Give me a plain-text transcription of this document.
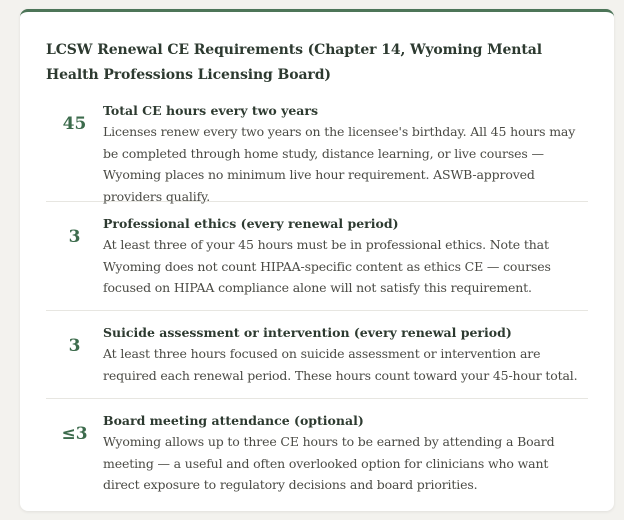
LCSW Renewal CE Requirements (Chapter 14, Wyoming Mental Health Professions Licensing Board)
45
Total CE hours every two years
Licenses renew every two years on the licensee's birthday. All 45 hours may be completed through home study, distance learning, or live courses — Wyoming places no minimum live hour requirement. ASWB-approved providers qualify.
3
Professional ethics (every renewal period)
At least three of your 45 hours must be in professional ethics. Note that Wyoming does not count HIPAA-specific content as ethics CE — courses focused on HIPAA compliance alone will not satisfy this requirement.
3
Suicide assessment or intervention (every renewal period)
At least three hours focused on suicide assessment or intervention are required each renewal period. These hours count toward your 45-hour total.
≤3
Board meeting attendance (optional)
Wyoming allows up to three CE hours to be earned by attending a Board meeting — a useful and often overlooked option for clinicians who want direct exposure to regulatory decisions and board priorities.
